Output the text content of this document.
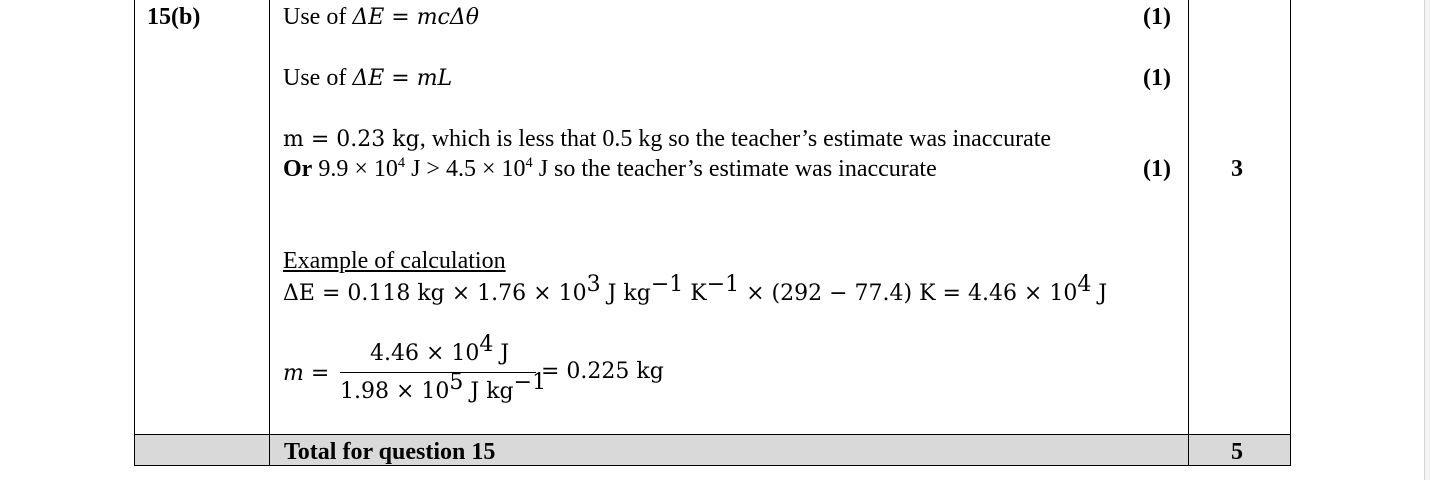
15(b)	Use of ΔE = mcΔθ	(1)
Use of ΔE = mL	(1)
m = 0.23 kg, which is less that 0.5 kg so the teacher’s estimate was inaccurate
Or $9.9 \times 10^4$ $J > 4.5 \times 10^4$ J so the teacher’s estimate was inaccurate	(1)	3
Example of calculation
ΔE = 0.118 kg × $1.76 \times 10^3$ J $kg^{-1}$ $K^{-1} \times (292 - 77.4) K = 4.46 \times 10^4$ J
m =
$4.46 \times 10^4$ J
$1.98 \times 10^5$ J $kg^{-1}$
= 0.225 kg
Total for question 15	5
